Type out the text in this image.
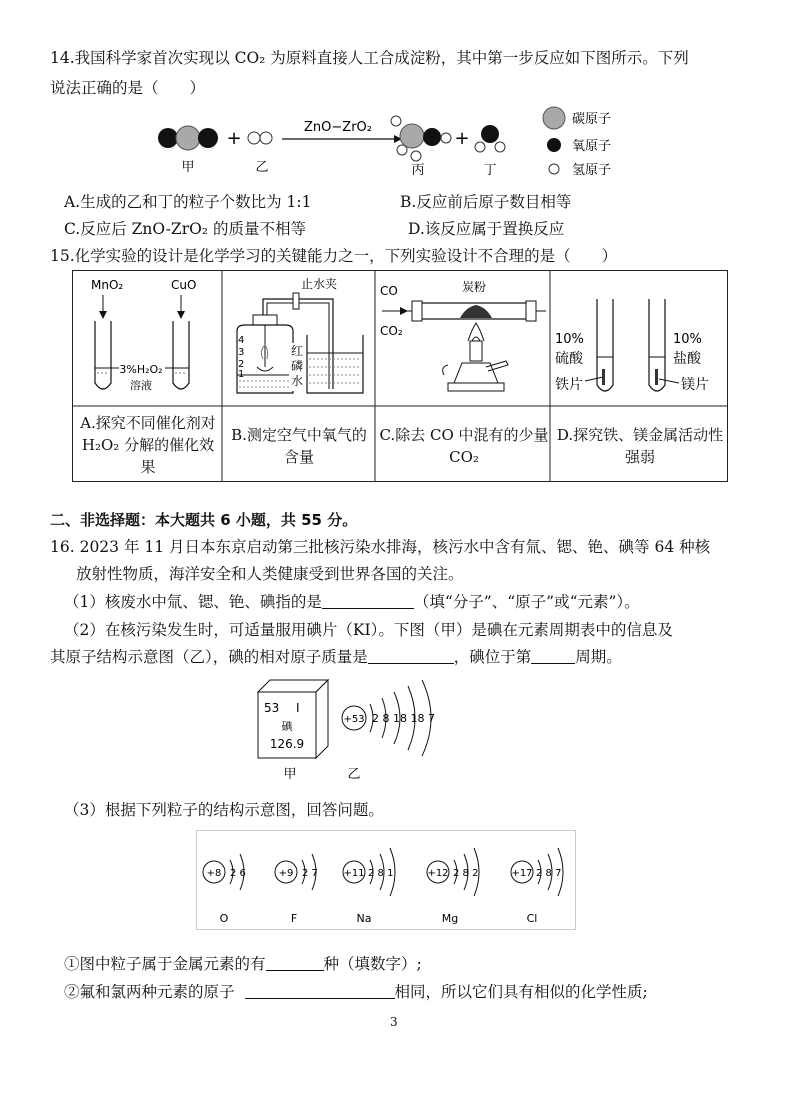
14.我国科学家首次实现以 CO₂ 为原料直接人工合成淀粉，其中第一步反应如下图所示。下列
说法正确的是（　　）
甲
+
乙
ZnO−ZrO₂
丙
+
丁
碳原子
氧原子
氢原子
A.生成的乙和丁的粒子个数比为 1:1	B.反应前后原子数目相等
C.反应后 ZnO-ZrO₂ 的质量不相等	D.该反应属于置换反应
15.化学实验的设计是化学学习的关键能力之一，下列实验设计不合理的是（　　）
MnO₂	CuO
3%H₂O₂
溶液
止水夹
4
3
2
1
红
磷
水
CO
CO₂
炭粉
10%
硫酸
铁片
10%
盐酸
镁片
A.探究不同催化剂对 H₂O₂ 分解的催化效果
B.测定空气中氧气的含量
C.除去 CO 中混有的少量 CO₂
D.探究铁、镁金属活动性强弱
二、非选择题：本大题共 6 小题，共 55 分。
16. 2023 年 11 月日本东京启动第三批核污染水排海，核污水中含有氚、锶、铯、碘等 64 种核
放射性物质，海洋安全和人类健康受到世界各国的关注。
（1）核废水中氚、锶、铯、碘指的是	（填“分子”、“原子”或“元素”）。
（2）在核污染发生时，可适量服用碘片（KI）。下图（甲）是碘在元素周期表中的信息及
其原子结构示意图（乙），碘的相对原子质量是	，碘位于第	周期。
53 I
碘
126.9
+53 2 8 18 18 7
甲	乙
（3）根据下列粒子的结构示意图，回答问题。
+8 2 6
O
+9 2 7
F
+11 2 8 1
Na
+12 2 8 2
Mg
+17 2 8 7
Cl
①图中粒子属于金属元素的有	种（填数字）;
②氟和氯两种元素的原子	相同，所以它们具有相似的化学性质;
3
